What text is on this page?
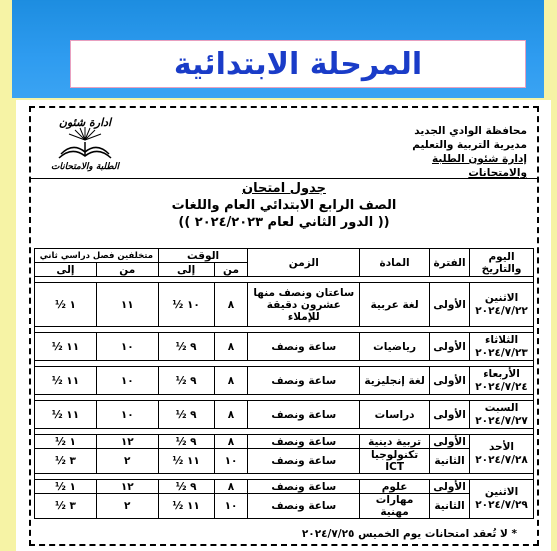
المرحلة الابتدائية
محافظة الوادي الجديد
مديرية التربية والتعليم
إدارة شئون الطلبة والامتحانات
ادارة شئون
الطلبة والامتحانات
جدول امتحان
الصف الرابع الابتدائي العام واللغات
(( الدور الثاني لعام ٢٠٢٤/٢٠٢٣ ))
اليوم والتاريخ	الفترة	المادة	الزمن	الوقت		متخلفين فصل دراسي ثاني	
				من	إلى	من	إلى

الاثنين
٢٠٢٤/٧/٢٢	الأولى	لغة عربية	ساعتان ونصف منها عشرون دقيقة للإملاء	٨	١٠ ½	١١	١ ½

الثلاثاء
٢٠٢٤/٧/٢٣	الأولى	رياضيات	ساعة ونصف	٨	٩ ½	١٠	١١ ½

الأربعاء
٢٠٢٤/٧/٢٤	الأولى	لغة إنجليزية	ساعة ونصف	٨	٩ ½	١٠	١١ ½

السبت
٢٠٢٤/٧/٢٧	الأولى	دراسات	ساعة ونصف	٨	٩ ½	١٠	١١ ½

الأحد
٢٠٢٤/٧/٢٨	الأولى	تربية دينية	ساعة ونصف	٨	٩ ½	١٢	١ ½
	الثانية	تكنولوجيا ICT	ساعة ونصف	١٠	١١ ½	٢	٣ ½

الاثنين
٢٠٢٤/٧/٢٩	الأولى	علوم	ساعة ونصف	٨	٩ ½	١٢	١ ½
	الثانية	مهارات مهنية	ساعة ونصف	١٠	١١ ½	٢	٣ ½
* لا تُعقد امتحانات يوم الخميس ٢٠٢٤/٧/٢٥
